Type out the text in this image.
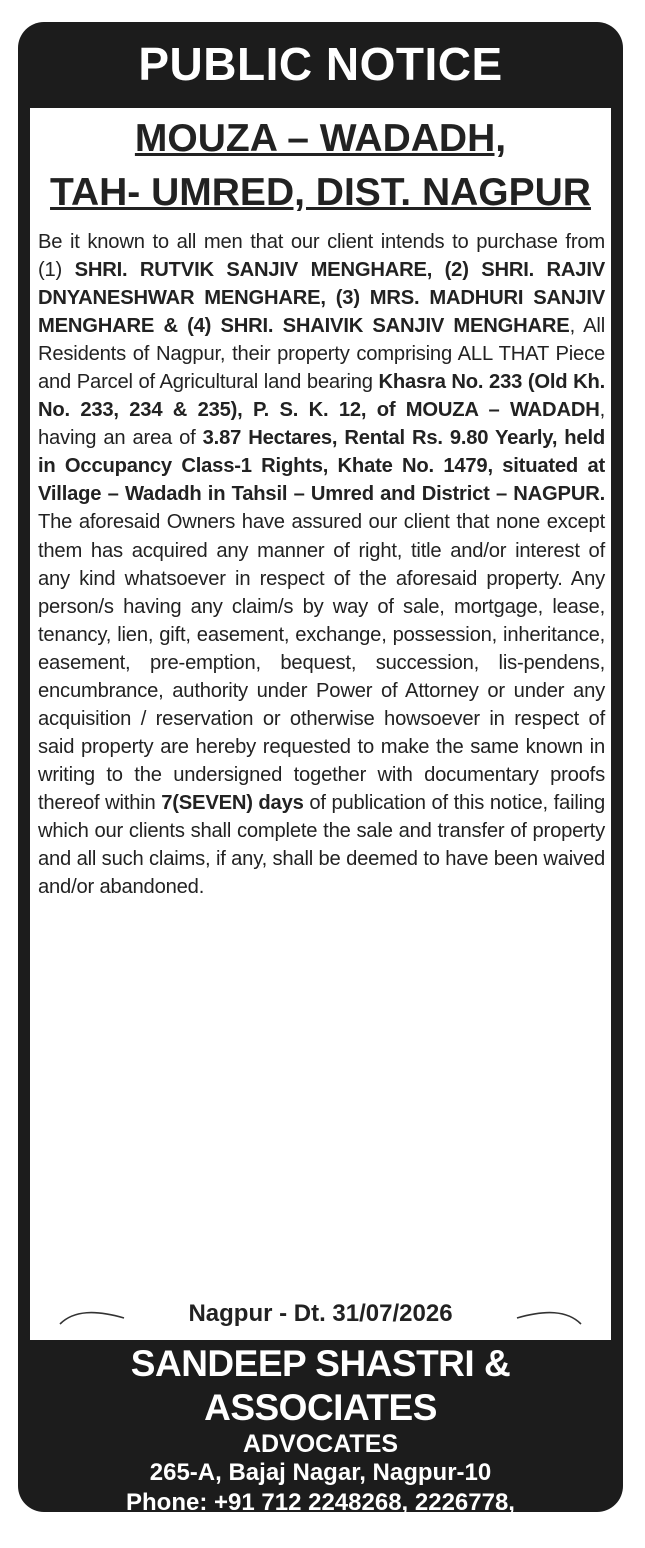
PUBLIC NOTICE
MOUZA – WADADH,
TAH- UMRED, DIST. NAGPUR
Be it known to all men that our client intends to purchase from (1) SHRI. RUTVIK SANJIV MENGHARE, (2) SHRI. RAJIV DNYANESHWAR MENGHARE, (3) MRS. MADHURI SANJIV MENGHARE & (4) SHRI. SHAIVIK SANJIV MENGHARE, All Residents of Nagpur, their property comprising ALL THAT Piece and Parcel of Agricultural land bearing Khasra No. 233 (Old Kh. No. 233, 234 & 235), P. S. K. 12, of MOUZA – WADADH, having an area of 3.87 Hectares, Rental Rs. 9.80 Yearly, held in Occupancy Class-1 Rights, Khate No. 1479, situated at Village – Wadadh in Tahsil – Umred and District – NAGPUR. The aforesaid Owners have assured our client that none except them has acquired any manner of right, title and/or interest of any kind whatsoever in respect of the aforesaid property. Any person/s having any claim/s by way of sale, mortgage, lease, tenancy, lien, gift, easement, exchange, possession, inheritance, easement, pre-emption, bequest, succession, lis-pendens, encumbrance, authority under Power of Attorney or under any acquisition / reservation or otherwise howsoever in respect of said property are hereby requested to make the same known in writing to the undersigned together with documentary proofs thereof within 7(SEVEN) days of publication of this notice, failing which our clients shall complete the sale and transfer of property and all such claims, if any, shall be deemed to have been waived and/or abandoned.
Nagpur - Dt. 31/07/2026
SANDEEP SHASTRI & ASSOCIATES
ADVOCATES
265-A, Bajaj Nagar, Nagpur-10
Phone: +91 712 2248268, 2226778,
Mobile No. 9850361454
